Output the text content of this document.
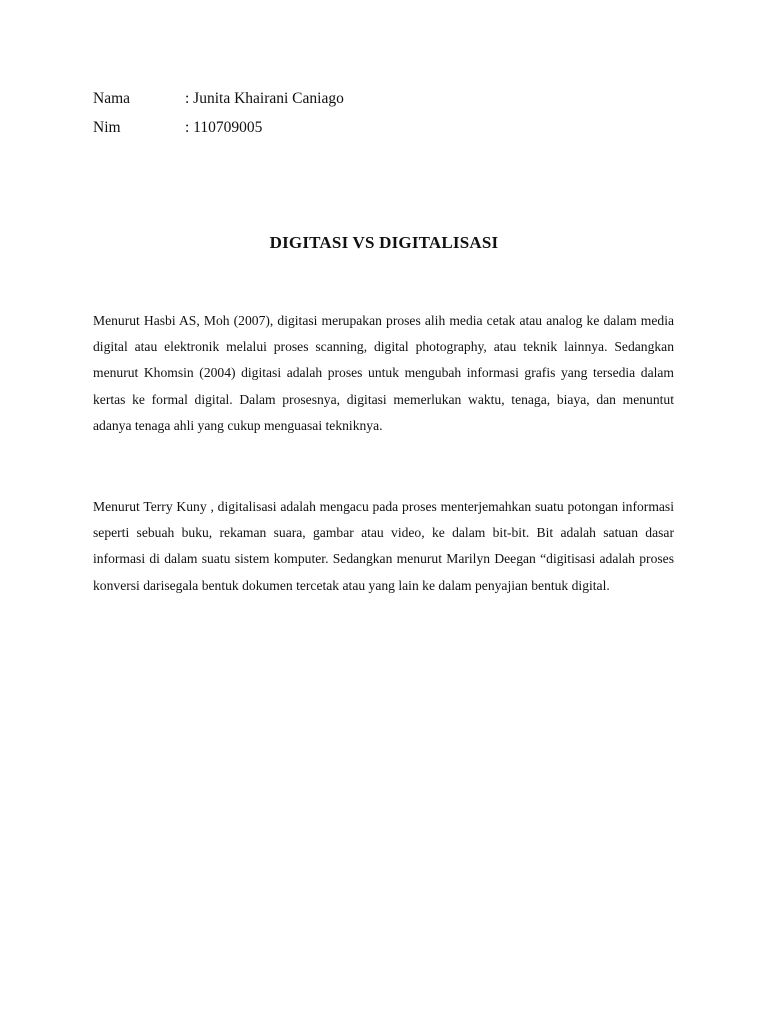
Nama	: Junita Khairani Caniago
Nim	: 110709005
DIGITASI VS DIGITALISASI

Menurut Hasbi AS, Moh (2007), digitasi merupakan proses alih media cetak atau analog ke dalam media digital atau elektronik melalui proses scanning, digital photography, atau teknik lainnya. Sedangkan menurut Khomsin (2004) digitasi adalah proses untuk mengubah informasi grafis yang tersedia dalam kertas ke formal digital. Dalam prosesnya, digitasi memerlukan waktu, tenaga, biaya, dan menuntut adanya tenaga ahli yang cukup menguasai tekniknya.

Menurut Terry Kuny , digitalisasi adalah mengacu pada proses menterjemahkan suatu potongan informasi seperti sebuah buku, rekaman suara, gambar atau video, ke dalam bit-bit. Bit adalah satuan dasar informasi di dalam suatu sistem komputer. Sedangkan menurut Marilyn Deegan “digitisasi adalah proses konversi darisegala bentuk dokumen tercetak atau yang lain ke dalam penyajian bentuk digital.
